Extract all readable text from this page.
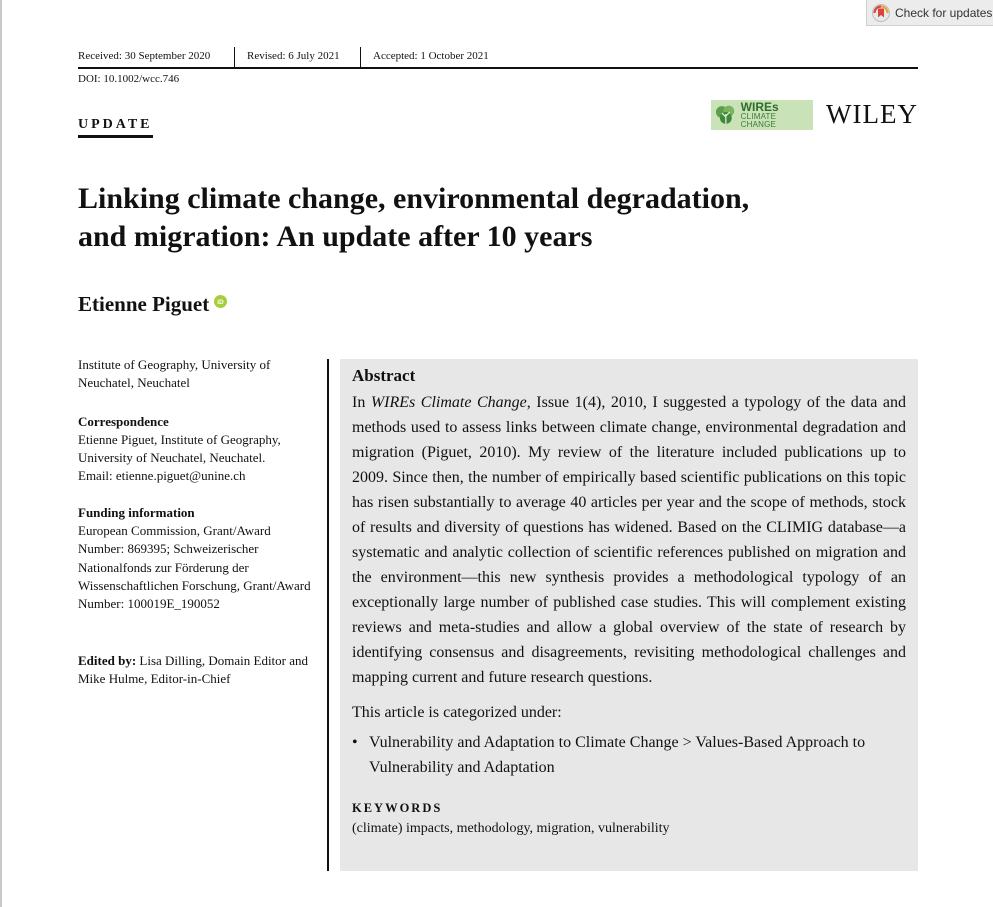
Check for updates
Received: 30 September 2020	Revised: 6 July 2021	Accepted: 1 October 2021
DOI: 10.1002/wcc.746
UPDATE
WIREs
CLIMATE CHANGE	WILEY
Linking climate change, environmental degradation,
and migration: An update after 10 years
Etienne Piguet iD

Institute of Geography, University of Neuchatel, Neuchatel

Correspondence

Etienne Piguet, Institute of Geography, University of Neuchatel, Neuchatel.

Email: etienne.piguet@unine.ch

Funding information

European Commission, Grant/Award Number: 869395; Schweizerischer Nationalfonds zur Förderung der Wissenschaftlichen Forschung, Grant/Award Number: 100019E_190052

Edited by: Lisa Dilling, Domain Editor and Mike Hulme, Editor-in-Chief

Abstract

In WIREs Climate Change, Issue 1(4), 2010, I suggested a typology of the data and methods used to assess links between climate change, environmental degradation and migration (Piguet, 2010). My review of the literature included publications up to 2009. Since then, the number of empirically based scientific publications on this topic has risen substantially to average 40 articles per year and the scope of methods, stock of results and diversity of questions has widened. Based on the CLIMIG database—a systematic and analytic collection of scientific references published on migration and the environment—this new synthesis provides a methodological typology of an exceptionally large number of published case studies. This will complement existing reviews and meta-studies and allow a global overview of the state of research by identifying consensus and disagreements, revisiting methodological challenges and mapping current and future research questions.

This article is categorized under:

• Vulnerability and Adaptation to Climate Change > Values-Based Approach to Vulnerability and Adaptation

KEYWORDS

(climate) impacts, methodology, migration, vulnerability
